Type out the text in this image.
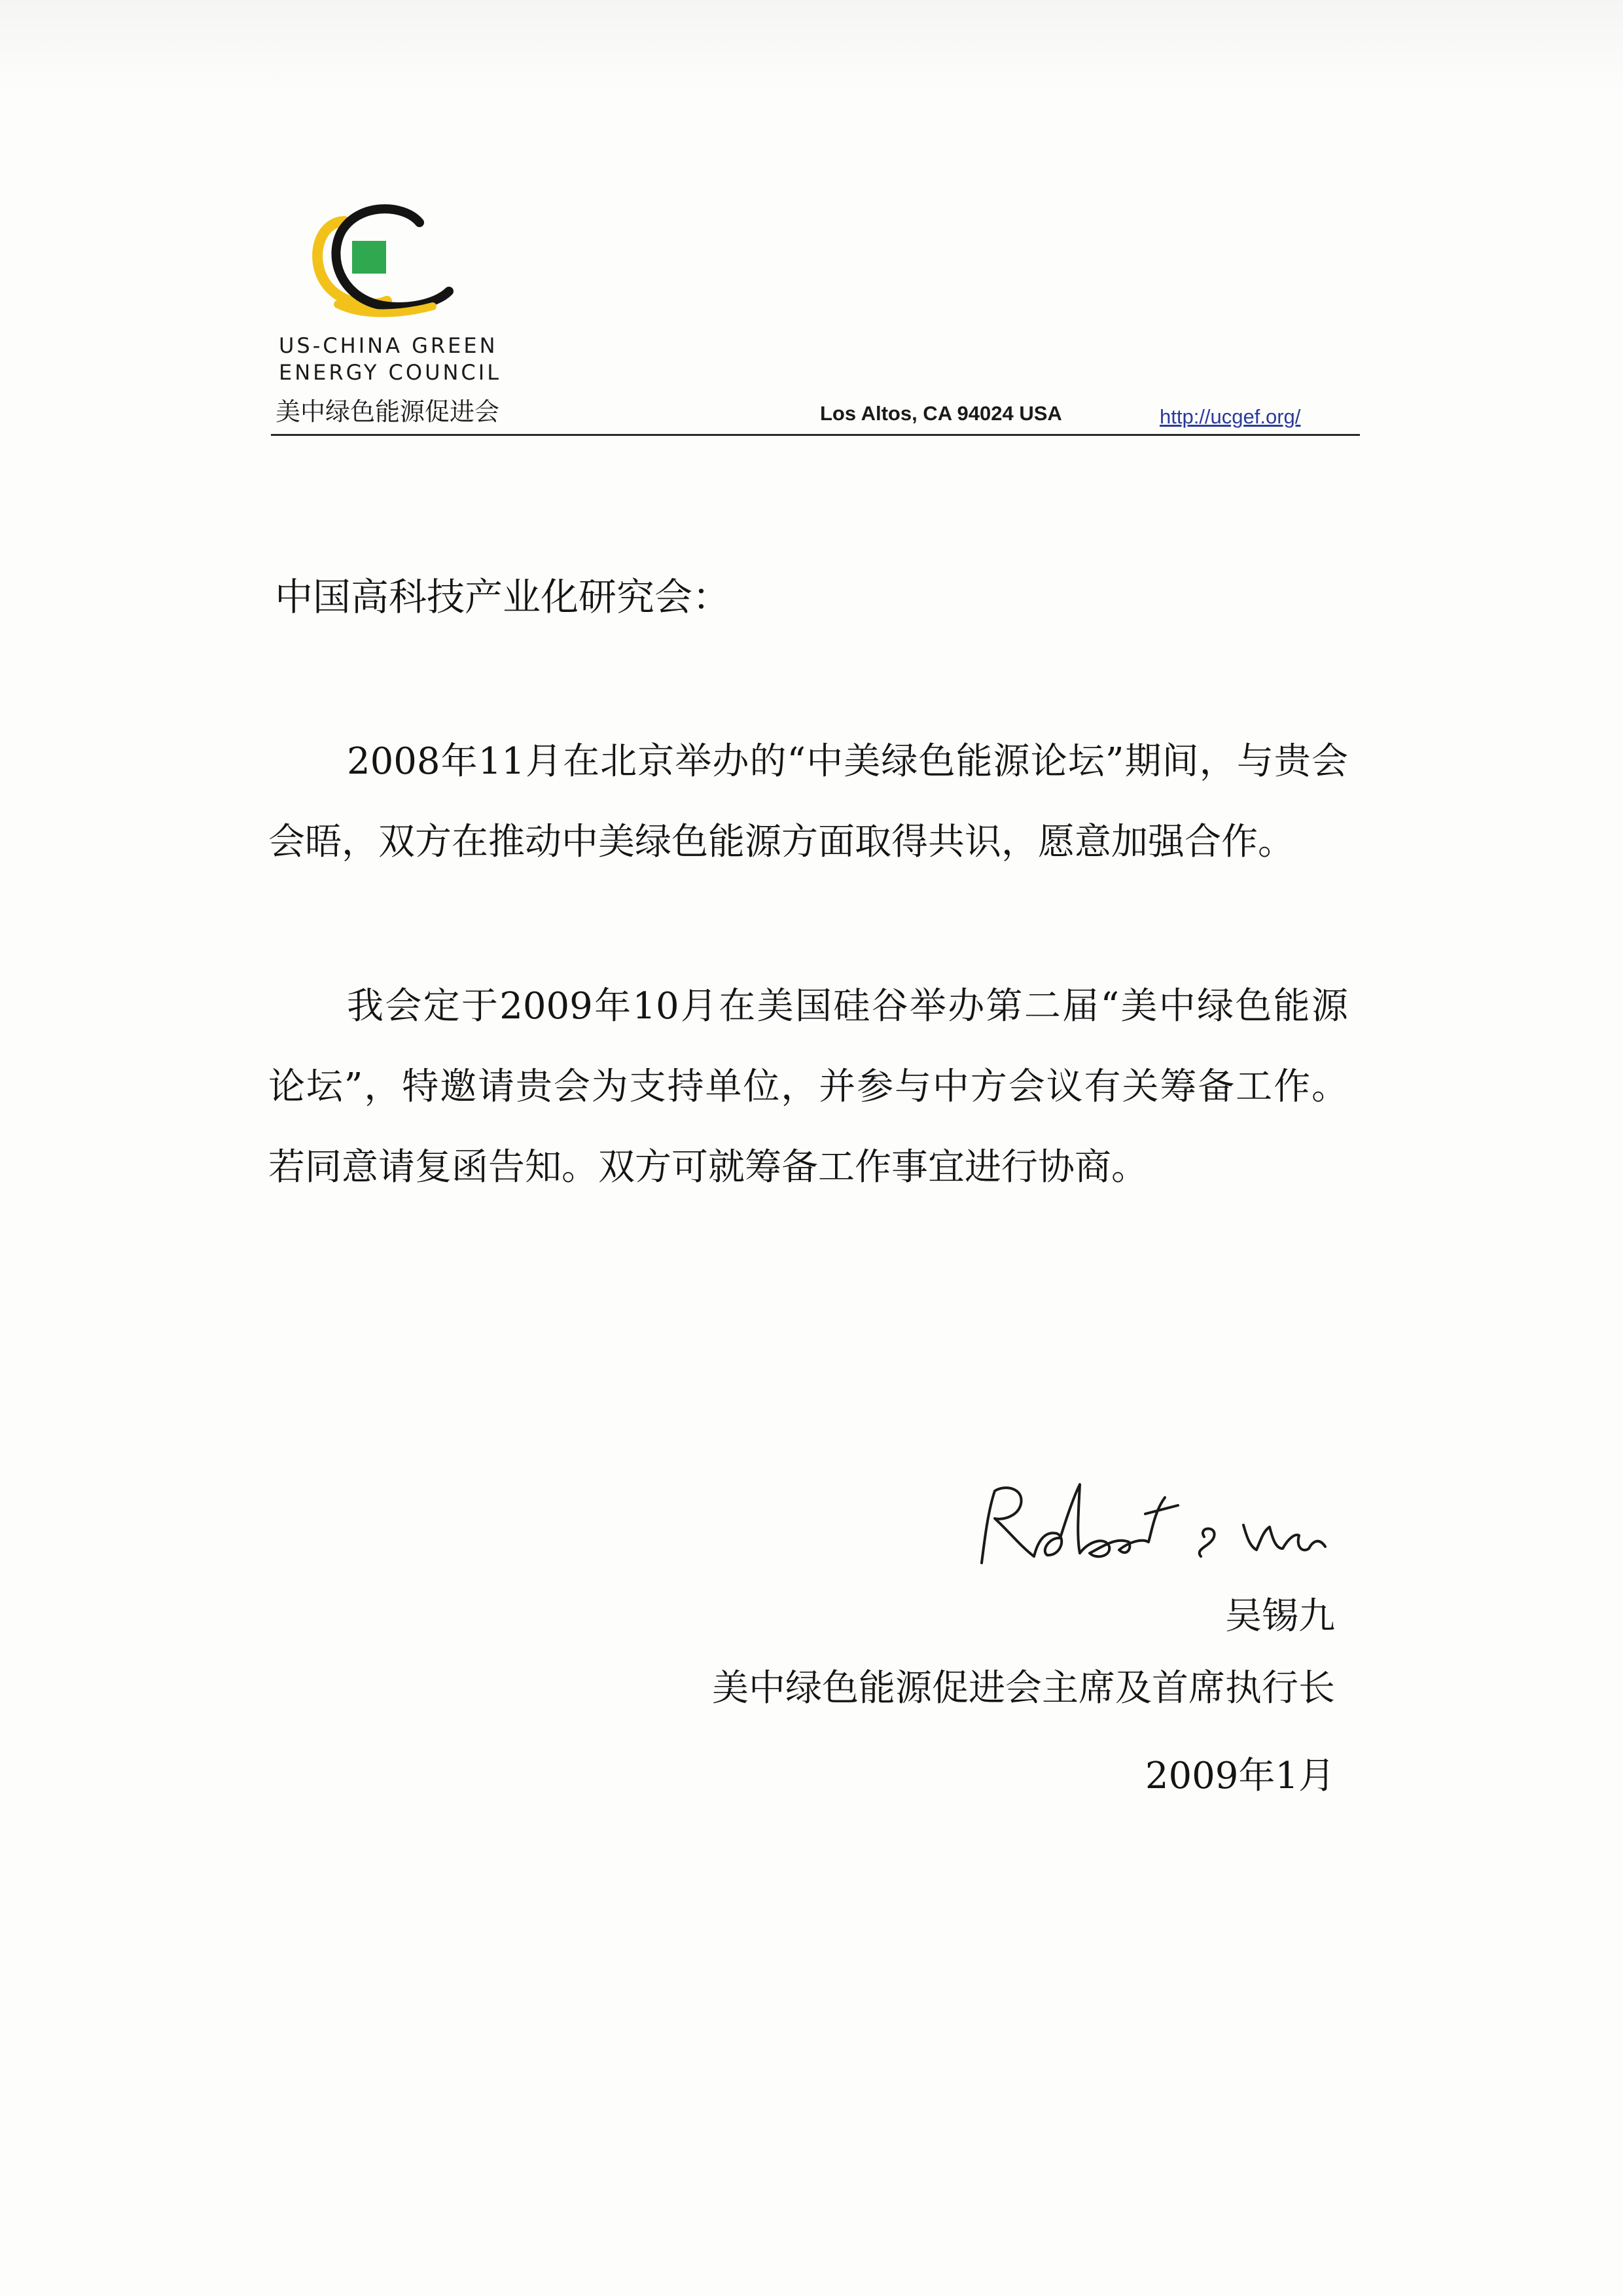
US-CHINA GREEN
ENERGY COUNCIL
美中绿色能源促进会	Los Altos, CA 94024 USA	http://ucgef.org/
中国高科技产业化研究会：

2008年11月在北京举办的“中美绿色能源论坛”期间，与贵会会晤，双方在推动中美绿色能源方面取得共识，愿意加强合作。

我会定于2009年10月在美国硅谷举办第二届“美中绿色能源论坛”，特邀请贵会为支持单位，并参与中方会议有关筹备工作。若同意请复函告知。双方可就筹备工作事宜进行协商。

吴锡九
美中绿色能源促进会主席及首席执行长
2009年1月
